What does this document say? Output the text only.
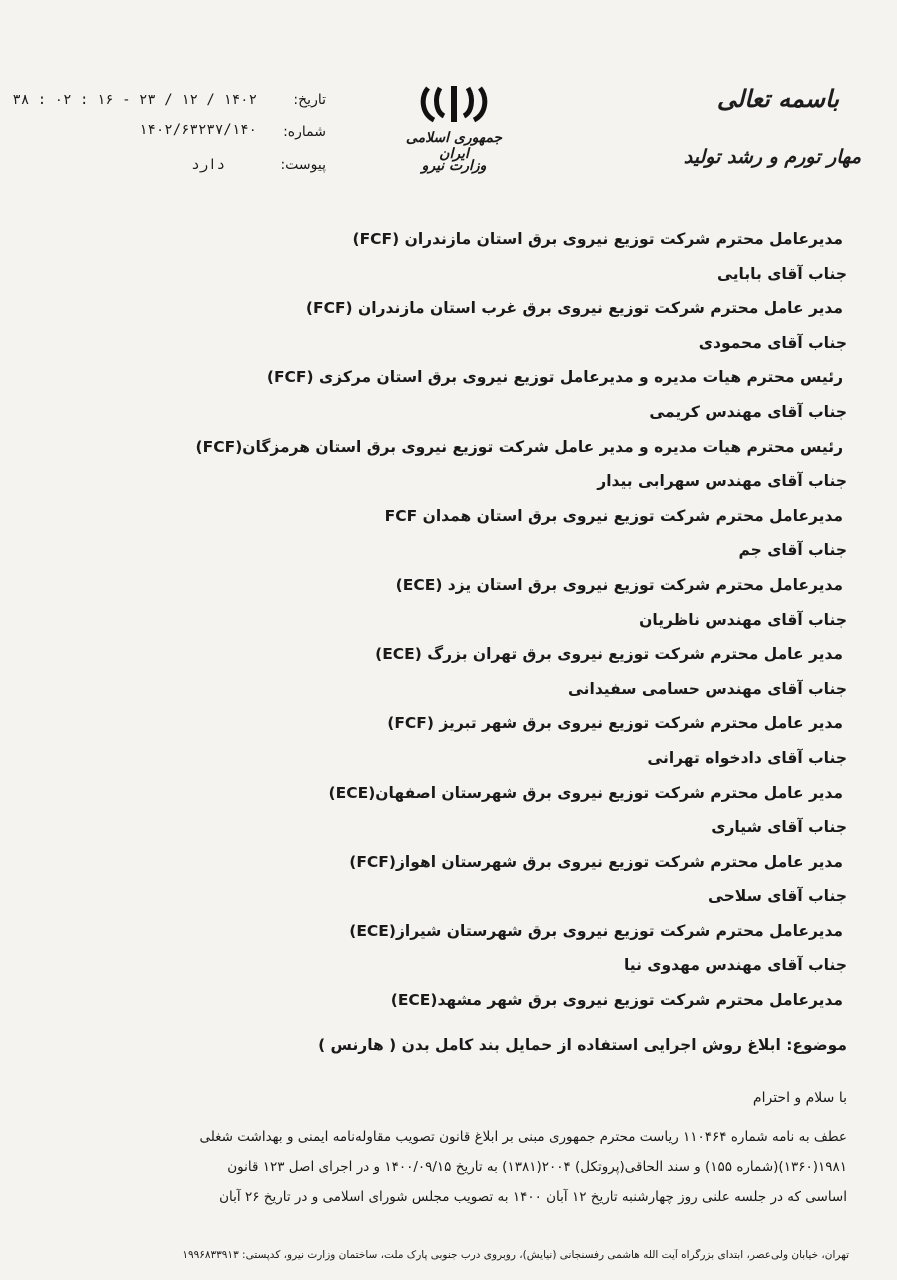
باسمه تعالی
مهار تورم و رشد تولید
جمهوری اسلامی ایران
وزارت نیرو
تاریخ:
۱۴۰۲ / ۱۲ / ۲۳ - ۱۶ : ۰۲ : ۳۸
شماره:
۱۴۰۲/۶۳۲۳۷/۱۴۰
پیوست:
دارد
مدیرعامل محترم شرکت توزیع نیروی برق استان مازندران (FCF)
جناب آقای بابایی
مدیر عامل محترم شرکت توزیع نیروی برق غرب استان مازندران (FCF)
جناب آقای محمودی
رئیس محترم هیات مدیره و مدیرعامل توزیع نیروی برق استان مرکزی (FCF)
جناب آقای مهندس کریمی
رئیس محترم هیات مدیره و مدیر عامل شرکت توزیع نیروی برق استان هرمزگان(FCF)
جناب آقای مهندس سهرابی بیدار
مدیرعامل محترم شرکت توزیع نیروی برق استان همدان FCF
جناب آقای جم
مدیرعامل محترم شرکت توزیع نیروی برق استان یزد (ECE)
جناب آقای مهندس ناظریان
مدیر عامل محترم شرکت توزیع نیروی برق تهران بزرگ (ECE)
جناب آقای مهندس حسامی سفیدانی
مدیر عامل محترم شرکت توزیع نیروی برق شهر تبریز (FCF)
جناب آقای دادخواه تهرانی
مدیر عامل محترم شرکت توزیع نیروی برق شهرستان اصفهان(ECE)
جناب آقای شیاری
مدیر عامل محترم شرکت توزیع نیروی برق شهرستان اهواز(FCF)
جناب آقای سلاحی
مدیرعامل محترم شرکت توزیع نیروی برق شهرستان شیراز(ECE)
جناب آقای مهندس مهدوی نیا
مدیرعامل محترم شرکت توزیع نیروی برق شهر مشهد(ECE)
موضوع: ابلاغ روش اجرایی استفاده از حمایل بند کامل بدن ( هارنس )
با سلام و احترام

عطف به نامه شماره ۱۱۰۴۶۴ ریاست محترم جمهوری مبنی بر ابلاغ قانون تصویب مقاوله‌نامه ایمنی و بهداشت شغلی

۱۹۸۱(۱۳۶۰)(شماره ۱۵۵) و سند الحاقی(پروتکل) ۲۰۰۴(۱۳۸۱) به تاریخ ۱۴۰۰/۰۹/۱۵ و در اجرای اصل ۱۲۳ قانون

اساسی که در جلسه علنی روز چهارشنبه تاریخ ۱۲ آبان ۱۴۰۰ به تصویب مجلس شورای اسلامی و در تاریخ ۲۶ آبان

تهران، خیابان ولی‌عصر، ابتدای بزرگراه آیت الله هاشمی رفسنجانی (نیایش)، روبروی درب جنوبی پارک ملت، ساختمان وزارت نیرو، کدپستی: ۱۹۹۶۸۳۳۹۱۳
